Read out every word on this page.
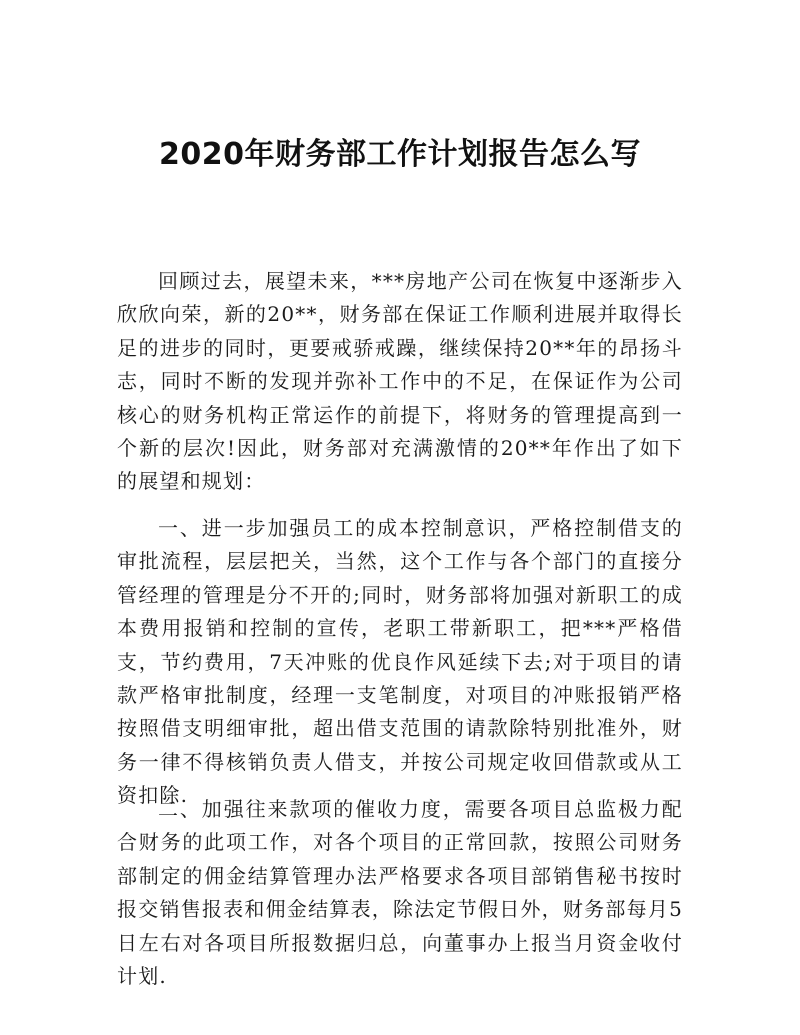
2020年财务部工作计划报告怎么写

回顾过去，展望未来，***房地产公司在恢复中逐渐步入欣欣向荣，新的20**，财务部在保证工作顺利进展并取得长足的进步的同时，更要戒骄戒躁，继续保持20**年的昂扬斗志，同时不断的发现并弥补工作中的不足，在保证作为公司核心的财务机构正常运作的前提下，将财务的管理提高到一个新的层次!因此，财务部对充满激情的20**年作出了如下的展望和规划：

一、进一步加强员工的成本控制意识，严格控制借支的审批流程，层层把关，当然，这个工作与各个部门的直接分管经理的管理是分不开的;同时，财务部将加强对新职工的成本费用报销和控制的宣传，老职工带新职工，把***严格借支，节约费用，7天冲账的优良作风延续下去;对于项目的请款严格审批制度，经理一支笔制度，对项目的冲账报销严格按照借支明细审批，超出借支范围的请款除特别批准外，财务一律不得核销负责人借支，并按公司规定收回借款或从工资扣除.

二、加强往来款项的催收力度，需要各项目总监极力配合财务的此项工作，对各个项目的正常回款，按照公司财务部制定的佣金结算管理办法严格要求各项目部销售秘书按时报交销售报表和佣金结算表，除法定节假日外，财务部每月5日左右对各项目所报数据归总，向董事办上报当月资金收付计划.
